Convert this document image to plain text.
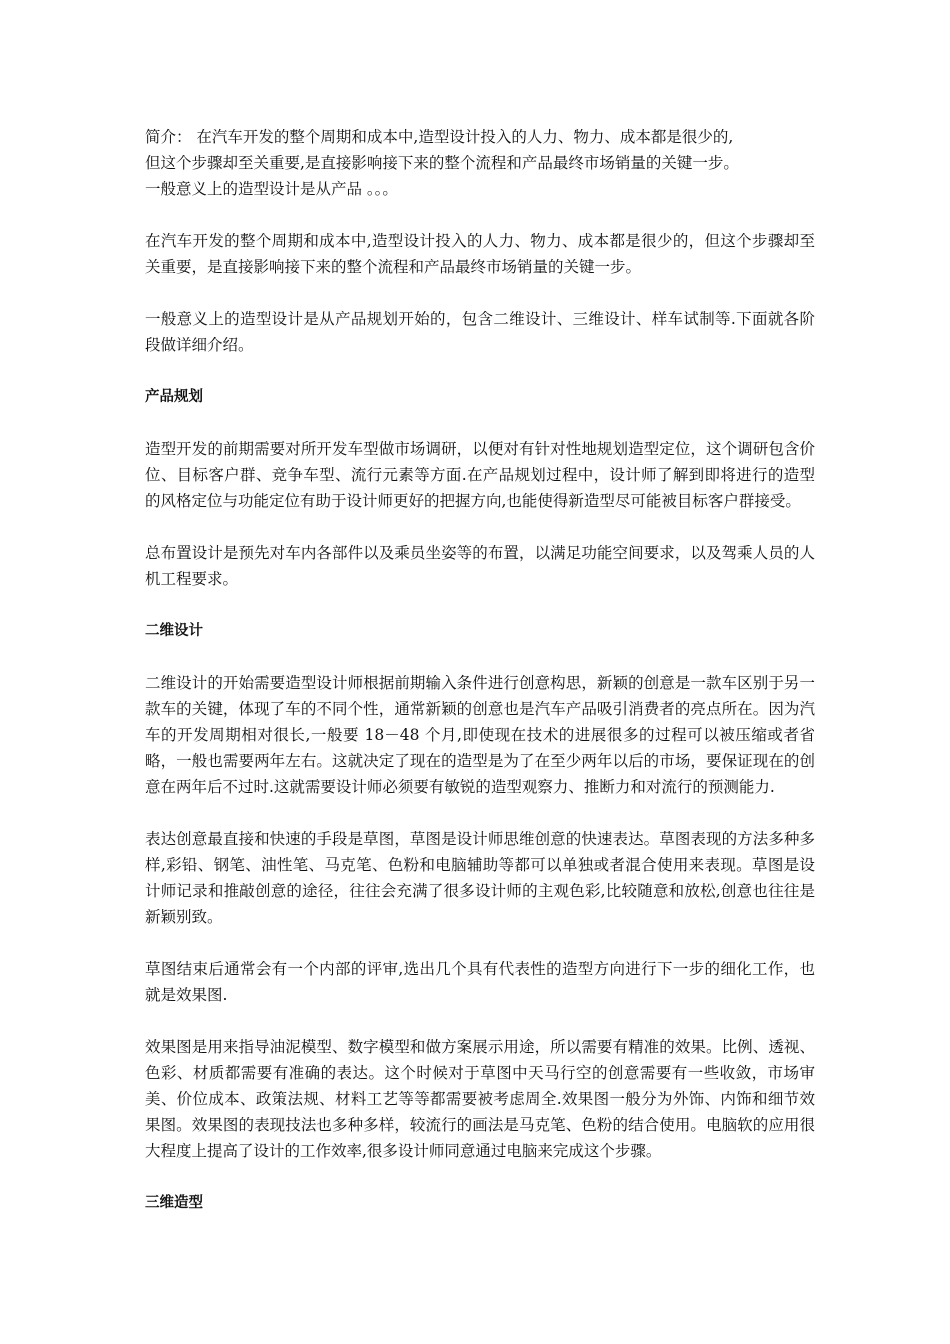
简介： 在汽车开发的整个周期和成本中,造型设计投入的人力、物力、成本都是很少的,
但这个步骤却至关重要,是直接影响接下来的整个流程和产品最终市场销量的关键一步。
一般意义上的造型设计是从产品 。。。

在汽车开发的整个周期和成本中,造型设计投入的人力、物力、成本都是很少的，但这个步骤却至关重要，是直接影响接下来的整个流程和产品最终市场销量的关键一步。

一般意义上的造型设计是从产品规划开始的，包含二维设计、三维设计、样车试制等.下面就各阶段做详细介绍。

产品规划

造型开发的前期需要对所开发车型做市场调研，以便对有针对性地规划造型定位，这个调研包含价位、目标客户群、竞争车型、流行元素等方面.在产品规划过程中，设计师了解到即将进行的造型的风格定位与功能定位有助于设计师更好的把握方向,也能使得新造型尽可能被目标客户群接受。

总布置设计是预先对车内各部件以及乘员坐姿等的布置，以满足功能空间要求，以及驾乘人员的人机工程要求。

二维设计

二维设计的开始需要造型设计师根据前期输入条件进行创意构思，新颖的创意是一款车区别于另一款车的关键，体现了车的不同个性，通常新颖的创意也是汽车产品吸引消费者的亮点所在。因为汽车的开发周期相对很长,一般要 18－48 个月,即使现在技术的进展很多的过程可以被压缩或者省略，一般也需要两年左右。这就决定了现在的造型是为了在至少两年以后的市场，要保证现在的创意在两年后不过时.这就需要设计师必须要有敏锐的造型观察力、推断力和对流行的预测能力.

表达创意最直接和快速的手段是草图，草图是设计师思维创意的快速表达。草图表现的方法多种多样,彩铅、钢笔、油性笔、马克笔、色粉和电脑辅助等都可以单独或者混合使用来表现。草图是设计师记录和推敲创意的途径，往往会充满了很多设计师的主观色彩,比较随意和放松,创意也往往是新颖别致。

草图结束后通常会有一个内部的评审,选出几个具有代表性的造型方向进行下一步的细化工作，也就是效果图.

效果图是用来指导油泥模型、数字模型和做方案展示用途，所以需要有精准的效果。比例、透视、色彩、材质都需要有准确的表达。这个时候对于草图中天马行空的创意需要有一些收敛，市场审美、价位成本、政策法规、材料工艺等等都需要被考虑周全.效果图一般分为外饰、内饰和细节效果图。效果图的表现技法也多种多样，较流行的画法是马克笔、色粉的结合使用。电脑软的应用很大程度上提高了设计的工作效率,很多设计师同意通过电脑来完成这个步骤。

三维造型
